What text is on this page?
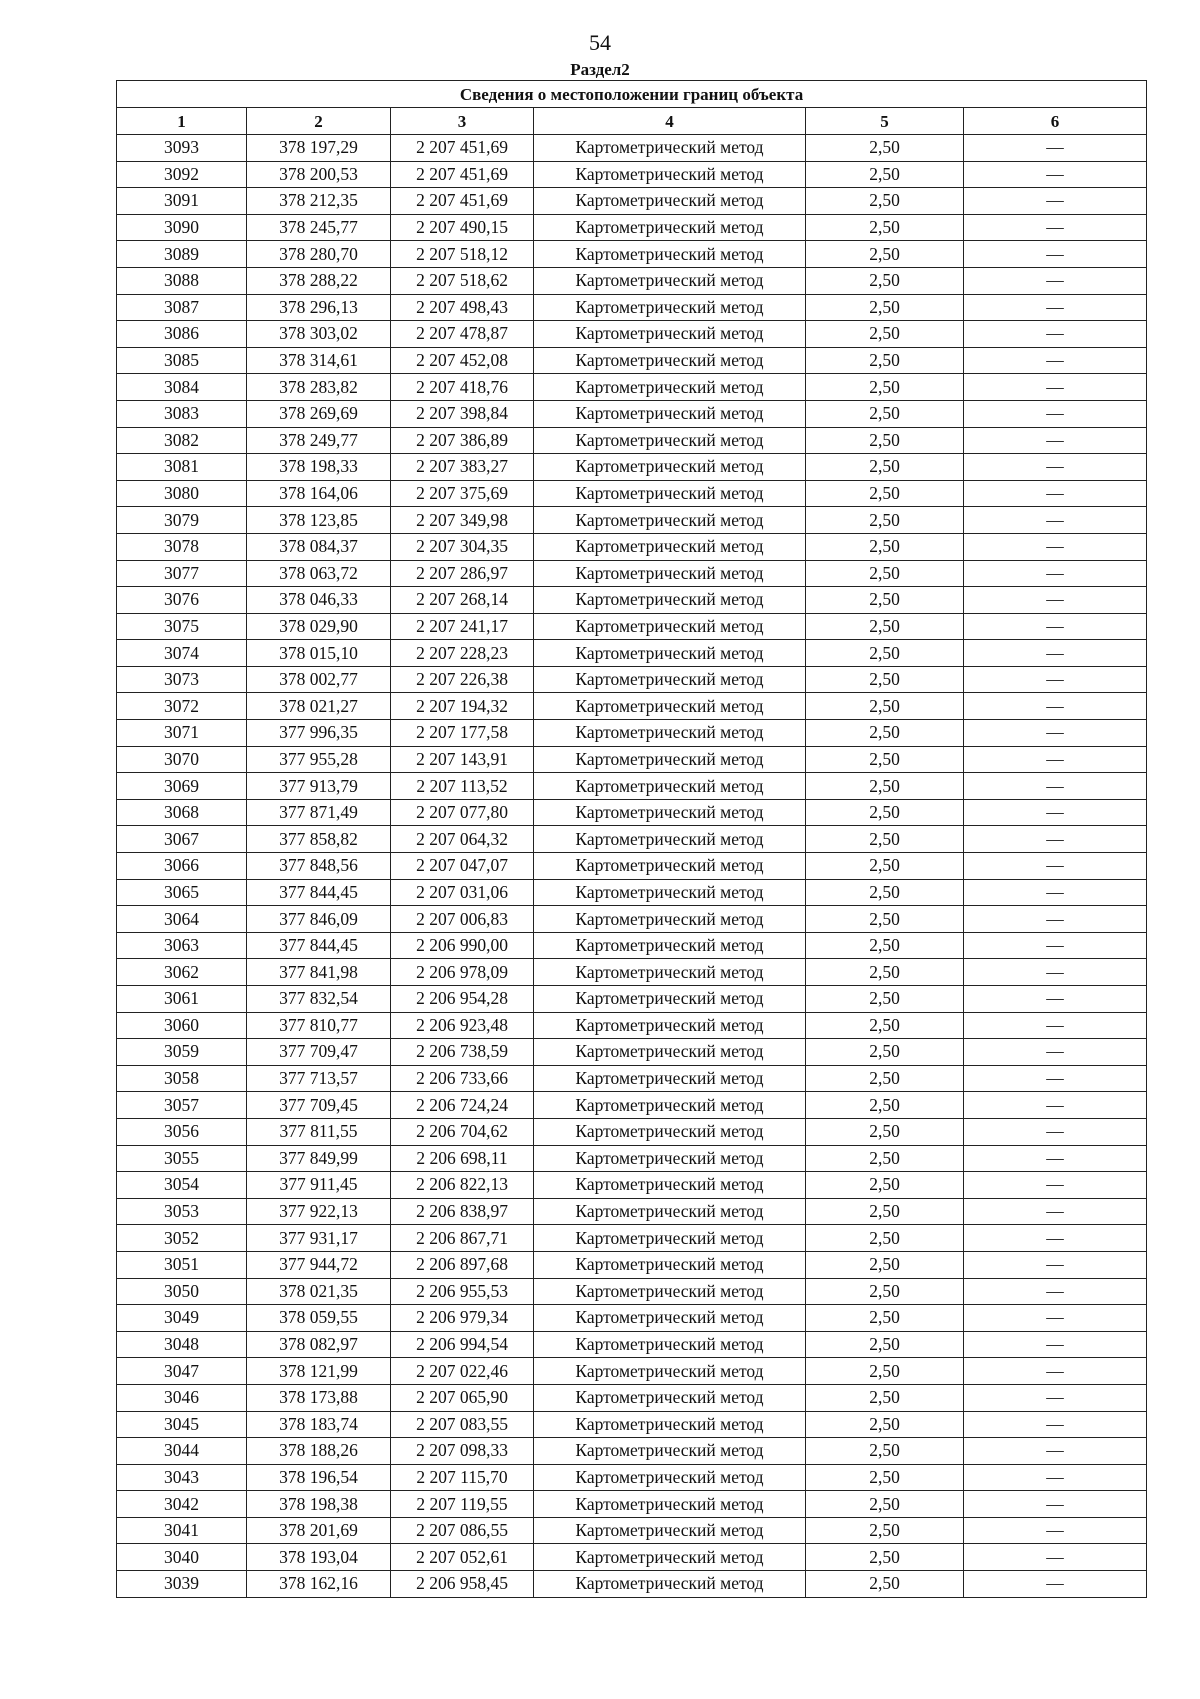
54
Раздел2
Сведения о местоположении границ объекта					
1	2	3	4	5	6
3093	378 197,29	2 207 451,69	Картометрический метод	2,50	—
3092	378 200,53	2 207 451,69	Картометрический метод	2,50	—
3091	378 212,35	2 207 451,69	Картометрический метод	2,50	—
3090	378 245,77	2 207 490,15	Картометрический метод	2,50	—
3089	378 280,70	2 207 518,12	Картометрический метод	2,50	—
3088	378 288,22	2 207 518,62	Картометрический метод	2,50	—
3087	378 296,13	2 207 498,43	Картометрический метод	2,50	—
3086	378 303,02	2 207 478,87	Картометрический метод	2,50	—
3085	378 314,61	2 207 452,08	Картометрический метод	2,50	—
3084	378 283,82	2 207 418,76	Картометрический метод	2,50	—
3083	378 269,69	2 207 398,84	Картометрический метод	2,50	—
3082	378 249,77	2 207 386,89	Картометрический метод	2,50	—
3081	378 198,33	2 207 383,27	Картометрический метод	2,50	—
3080	378 164,06	2 207 375,69	Картометрический метод	2,50	—
3079	378 123,85	2 207 349,98	Картометрический метод	2,50	—
3078	378 084,37	2 207 304,35	Картометрический метод	2,50	—
3077	378 063,72	2 207 286,97	Картометрический метод	2,50	—
3076	378 046,33	2 207 268,14	Картометрический метод	2,50	—
3075	378 029,90	2 207 241,17	Картометрический метод	2,50	—
3074	378 015,10	2 207 228,23	Картометрический метод	2,50	—
3073	378 002,77	2 207 226,38	Картометрический метод	2,50	—
3072	378 021,27	2 207 194,32	Картометрический метод	2,50	—
3071	377 996,35	2 207 177,58	Картометрический метод	2,50	—
3070	377 955,28	2 207 143,91	Картометрический метод	2,50	—
3069	377 913,79	2 207 113,52	Картометрический метод	2,50	—
3068	377 871,49	2 207 077,80	Картометрический метод	2,50	—
3067	377 858,82	2 207 064,32	Картометрический метод	2,50	—
3066	377 848,56	2 207 047,07	Картометрический метод	2,50	—
3065	377 844,45	2 207 031,06	Картометрический метод	2,50	—
3064	377 846,09	2 207 006,83	Картометрический метод	2,50	—
3063	377 844,45	2 206 990,00	Картометрический метод	2,50	—
3062	377 841,98	2 206 978,09	Картометрический метод	2,50	—
3061	377 832,54	2 206 954,28	Картометрический метод	2,50	—
3060	377 810,77	2 206 923,48	Картометрический метод	2,50	—
3059	377 709,47	2 206 738,59	Картометрический метод	2,50	—
3058	377 713,57	2 206 733,66	Картометрический метод	2,50	—
3057	377 709,45	2 206 724,24	Картометрический метод	2,50	—
3056	377 811,55	2 206 704,62	Картометрический метод	2,50	—
3055	377 849,99	2 206 698,11	Картометрический метод	2,50	—
3054	377 911,45	2 206 822,13	Картометрический метод	2,50	—
3053	377 922,13	2 206 838,97	Картометрический метод	2,50	—
3052	377 931,17	2 206 867,71	Картометрический метод	2,50	—
3051	377 944,72	2 206 897,68	Картометрический метод	2,50	—
3050	378 021,35	2 206 955,53	Картометрический метод	2,50	—
3049	378 059,55	2 206 979,34	Картометрический метод	2,50	—
3048	378 082,97	2 206 994,54	Картометрический метод	2,50	—
3047	378 121,99	2 207 022,46	Картометрический метод	2,50	—
3046	378 173,88	2 207 065,90	Картометрический метод	2,50	—
3045	378 183,74	2 207 083,55	Картометрический метод	2,50	—
3044	378 188,26	2 207 098,33	Картометрический метод	2,50	—
3043	378 196,54	2 207 115,70	Картометрический метод	2,50	—
3042	378 198,38	2 207 119,55	Картометрический метод	2,50	—
3041	378 201,69	2 207 086,55	Картометрический метод	2,50	—
3040	378 193,04	2 207 052,61	Картометрический метод	2,50	—
3039	378 162,16	2 206 958,45	Картометрический метод	2,50	—
